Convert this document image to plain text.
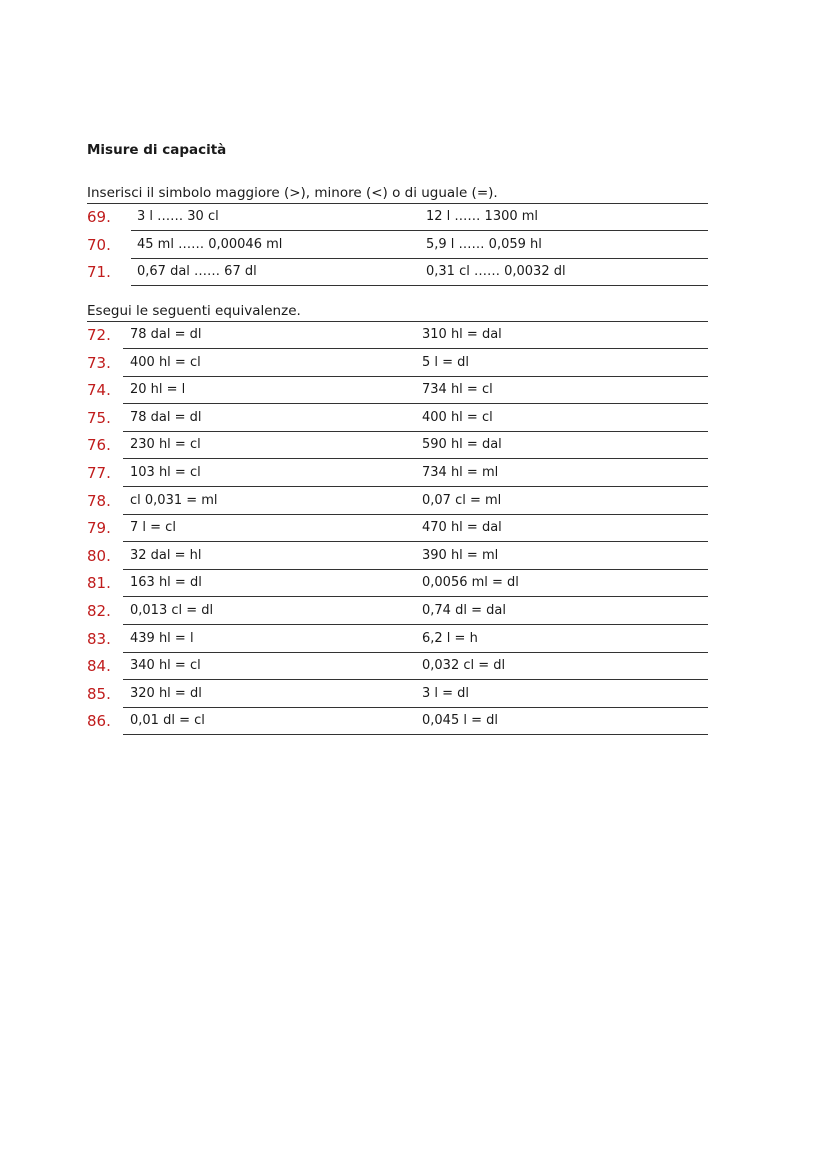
Misure di capacità
Inserisci il simbolo maggiore (>), minore (<) o di uguale (=).
69. 3 l …… 30 cl	12 l …… 1300 ml
70. 45 ml …… 0,00046 ml	5,9 l …… 0,059 hl
71. 0,67 dal …… 67 dl	0,31 cl …… 0,0032 dl
Esegui le seguenti equivalenze.
72. 78 dal = dl	310 hl = dal
73. 400 hl = cl	5 l = dl
74. 20 hl = l	734 hl = cl
75. 78 dal = dl	400 hl = cl
76. 230 hl = cl	590 hl = dal
77. 103 hl = cl	734 hl = ml
78. cl 0,031 = ml	0,07 cl = ml
79. 7 l = cl	470 hl = dal
80. 32 dal = hl	390 hl = ml
81. 163 hl = dl	0,0056 ml = dl
82. 0,013 cl = dl	0,74 dl = dal
83. 439 hl = l	6,2 l = h
84. 340 hl = cl	0,032 cl = dl
85. 320 hl = dl	3 l = dl
86. 0,01 dl = cl	0,045 l = dl
